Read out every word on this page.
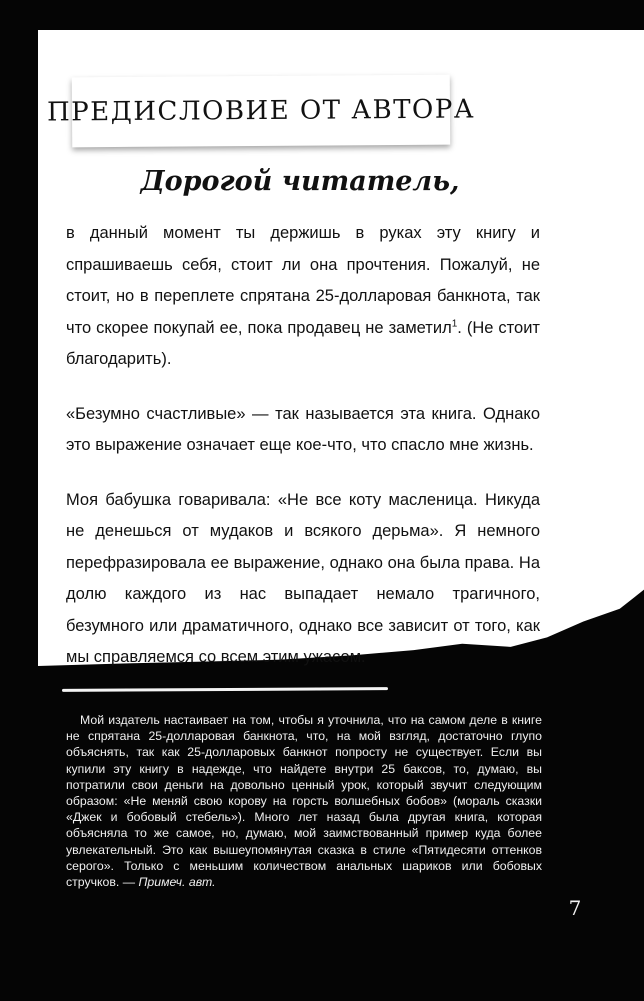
ПРЕДИСЛОВИЕ ОТ АВТОРА
Дорогой читатель,

в данный момент ты держишь в руках эту книгу и спрашиваешь себя, стоит ли она прочтения. Пожалуй, не стоит, но в переплете спрятана 25-долларовая банкнота, так что скорее покупай ее, пока продавец не заметил$^1$. (Не стоит благодарить).

«Безумно счастливые» — так называется эта книга. Однако это выражение означает еще кое-что, что спасло мне жизнь.

Моя бабушка говаривала: «Не все коту масленица. Никуда не денешься от мудаков и всякого дерьма». Я немного перефразировала ее выражение, однако она была права. На долю каждого из нас выпадает немало трагичного, безумного или драматичного, однако все зависит от того, как мы справляемся со всем этим ужасом.

Мой издатель настаивает на том, чтобы я уточнила, что на самом деле в книге не спрятана 25-долларовая банкнота, что, на мой взгляд, достаточно глупо объяснять, так как 25-долларовых банкнот попросту не существует. Если вы купили эту книгу в надежде, что найдете внутри 25 баксов, то, думаю, вы потратили свои деньги на довольно ценный урок, который звучит следующим образом: «Не меняй свою корову на горсть волшебных бобов» (мораль сказки «Джек и бобовый стебель»). Много лет назад была другая книга, которая объясняла то же самое, но, думаю, мой заимствованный пример куда более увлекательный. Это как вышеупомянутая сказка в стиле «Пятидесяти оттенков серого». Только с меньшим количеством анальных шариков или бобовых стручков. — Примеч. авт.
7
